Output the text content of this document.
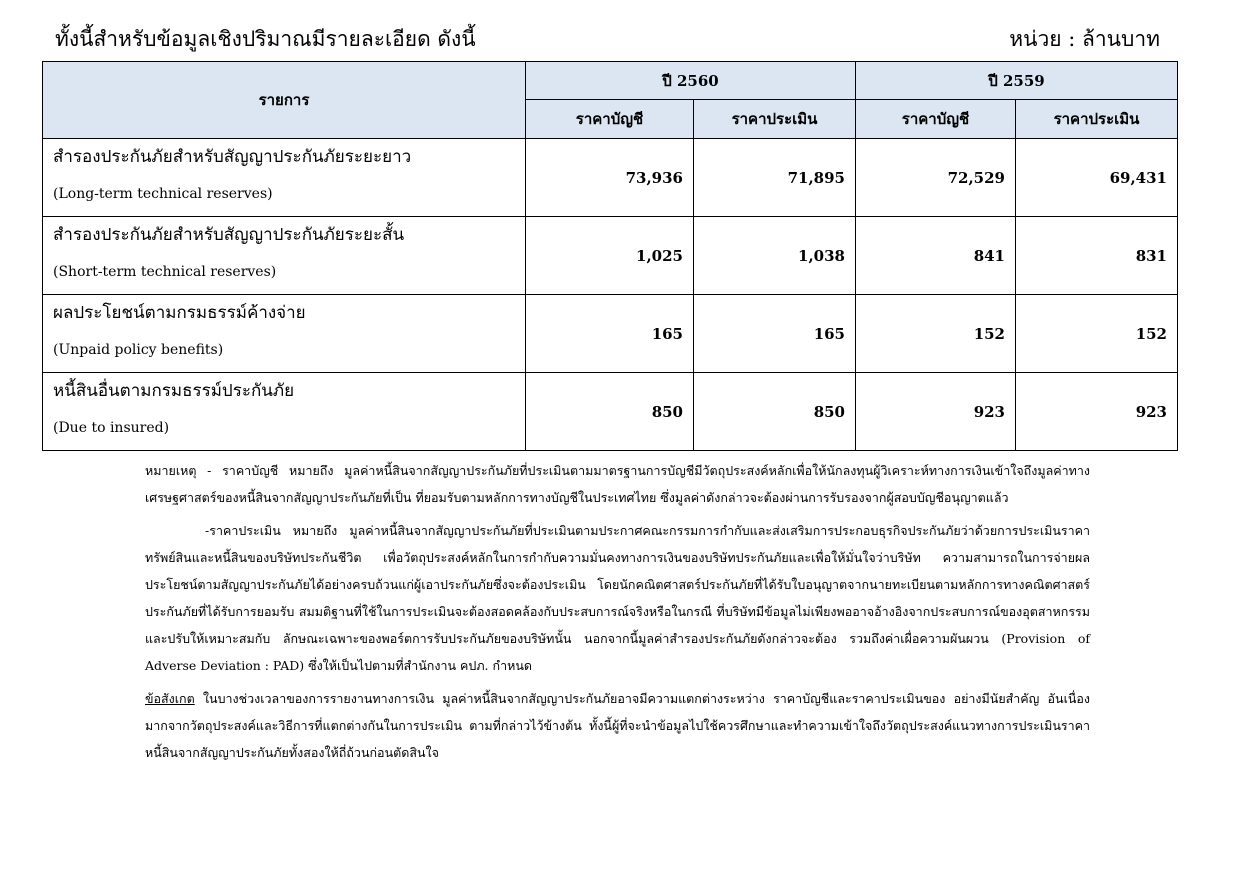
ทั้งนี้สำหรับข้อมูลเชิงปริมาณมีรายละเอียด ดังนี้	หน่วย : ล้านบาท
รายการ	ปี 2560		ปี 2559	
	ราคาบัญชี	ราคาประเมิน	ราคาบัญชี	ราคาประเมิน

สำรองประกันภัยสำหรับสัญญาประกันภัยระยะยาว
(Long-term technical reserves)	73,936	71,895	72,529	69,431

สำรองประกันภัยสำหรับสัญญาประกันภัยระยะสั้น
(Short-term technical reserves)	1,025	1,038	841	831

ผลประโยชน์ตามกรมธรรม์ค้างจ่าย
(Unpaid policy benefits)	165	165	152	152

หนี้สินอื่นตามกรมธรรม์ประกันภัย
(Due to insured)	850	850	923	923

หมายเหตุ - ราคาบัญชี หมายถึง มูลค่าหนี้สินจากสัญญาประกันภัยที่ประเมินตามมาตรฐานการบัญชีมีวัตถุประสงค์หลักเพื่อให้นักลงทุนผู้วิเคราะห์ทางการเงินเข้าใจถึงมูลค่าทางเศรษฐศาสตร์ของหนี้สินจากสัญญาประกันภัยที่เป็น ที่ยอมรับตามหลักการทางบัญชีในประเทศไทย ซึ่งมูลค่าดังกล่าวจะต้องผ่านการรับรองจากผู้สอบบัญชีอนุญาตแล้ว

-ราคาประเมิน หมายถึง มูลค่าหนี้สินจากสัญญาประกันภัยที่ประเมินตามประกาศคณะกรรมการกำกับและส่งเสริมการประกอบธุรกิจประกันภัยว่าด้วยการประเมินราคาทรัพย์สินและหนี้สินของบริษัทประกันชีวิต เพื่อวัตถุประสงค์หลักในการกำกับความมั่นคงทางการเงินของบริษัทประกันภัยและเพื่อให้มั่นใจว่าบริษัท ความสามารถในการจ่ายผลประโยชน์ตามสัญญาประกันภัยได้อย่างครบถ้วนแก่ผู้เอาประกันภัยซึ่งจะต้องประเมิน โดยนักคณิตศาสตร์ประกันภัยที่ได้รับใบอนุญาตจากนายทะเบียนตามหลักการทางคณิตศาสตร์ ประกันภัยที่ได้รับการยอมรับ สมมติฐานที่ใช้ในการประเมินจะต้องสอดคล้องกับประสบการณ์จริงหรือในกรณี ที่บริษัทมีข้อมูลไม่เพียงพออาจอ้างอิงจากประสบการณ์ของอุตสาหกรรมและปรับให้เหมาะสมกับ ลักษณะเฉพาะของพอร์ตการรับประกันภัยของบริษัทนั้น นอกจากนี้มูลค่าสำรองประกันภัยดังกล่าวจะต้อง รวมถึงค่าเผื่อความผันผวน (Provision of Adverse Deviation : PAD) ซึ่งให้เป็นไปตามที่สำนักงาน คปภ. กำหนด

ข้อสังเกต ในบางช่วงเวลาของการรายงานทางการเงิน มูลค่าหนี้สินจากสัญญาประกันภัยอาจมีความแตกต่างระหว่าง ราคาบัญชีและราคาประเมินของ อย่างมีนัยสำคัญ อันเนื่องมากจากวัตถุประสงค์และวิธีการที่แตกต่างกันในการประเมิน ตามที่กล่าวไว้ข้างต้น ทั้งนี้ผู้ที่จะนำข้อมูลไปใช้ควรศึกษาและทำความเข้าใจถึงวัตถุประสงค์แนวทางการประเมินราคา หนี้สินจากสัญญาประกันภัยทั้งสองให้ถี่ถ้วนก่อนตัดสินใจ
